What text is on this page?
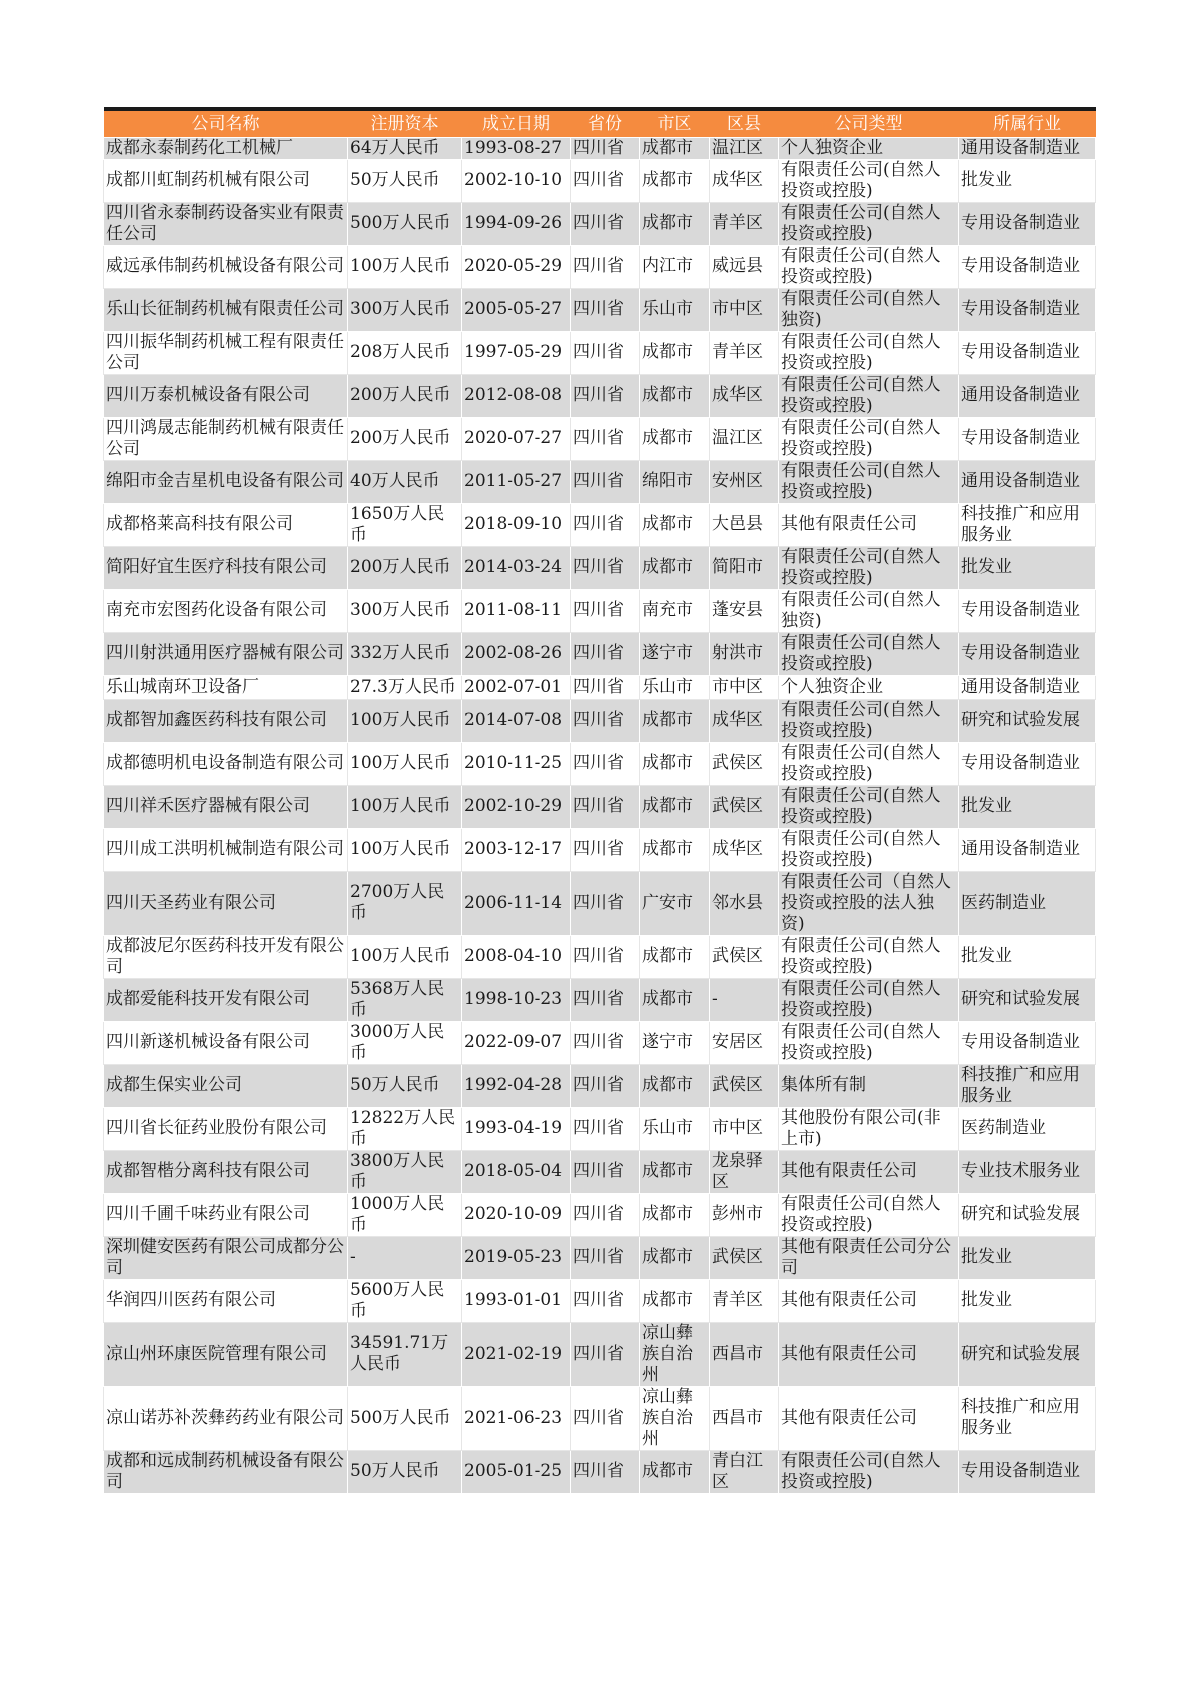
公司名称	注册资本	成立日期	省份	市区	区县	公司类型	所属行业
成都永泰制药化工机械厂	64万人民币	1993-08-27	四川省	成都市	温江区	个人独资企业	通用设备制造业
成都川虹制药机械有限公司	50万人民币	2002-10-10	四川省	成都市	成华区	有限责任公司(自然人投资或控股)	批发业
四川省永泰制药设备实业有限责任公司	500万人民币	1994-09-26	四川省	成都市	青羊区	有限责任公司(自然人投资或控股)	专用设备制造业
威远承伟制药机械设备有限公司	100万人民币	2020-05-29	四川省	内江市	威远县	有限责任公司(自然人投资或控股)	专用设备制造业
乐山长征制药机械有限责任公司	300万人民币	2005-05-27	四川省	乐山市	市中区	有限责任公司(自然人独资)	专用设备制造业
四川振华制药机械工程有限责任公司	208万人民币	1997-05-29	四川省	成都市	青羊区	有限责任公司(自然人投资或控股)	专用设备制造业
四川万泰机械设备有限公司	200万人民币	2012-08-08	四川省	成都市	成华区	有限责任公司(自然人投资或控股)	通用设备制造业
四川鸿晟志能制药机械有限责任公司	200万人民币	2020-07-27	四川省	成都市	温江区	有限责任公司(自然人投资或控股)	专用设备制造业
绵阳市金吉星机电设备有限公司	40万人民币	2011-05-27	四川省	绵阳市	安州区	有限责任公司(自然人投资或控股)	通用设备制造业
成都格莱高科技有限公司	1650万人民币	2018-09-10	四川省	成都市	大邑县	其他有限责任公司	科技推广和应用服务业
简阳好宜生医疗科技有限公司	200万人民币	2014-03-24	四川省	成都市	简阳市	有限责任公司(自然人投资或控股)	批发业
南充市宏图药化设备有限公司	300万人民币	2011-08-11	四川省	南充市	蓬安县	有限责任公司(自然人独资)	专用设备制造业
四川射洪通用医疗器械有限公司	332万人民币	2002-08-26	四川省	遂宁市	射洪市	有限责任公司(自然人投资或控股)	专用设备制造业
乐山城南环卫设备厂	27.3万人民币	2002-07-01	四川省	乐山市	市中区	个人独资企业	通用设备制造业
成都智加鑫医药科技有限公司	100万人民币	2014-07-08	四川省	成都市	成华区	有限责任公司(自然人投资或控股)	研究和试验发展
成都德明机电设备制造有限公司	100万人民币	2010-11-25	四川省	成都市	武侯区	有限责任公司(自然人投资或控股)	专用设备制造业
四川祥禾医疗器械有限公司	100万人民币	2002-10-29	四川省	成都市	武侯区	有限责任公司(自然人投资或控股)	批发业
四川成工洪明机械制造有限公司	100万人民币	2003-12-17	四川省	成都市	成华区	有限责任公司(自然人投资或控股)	通用设备制造业
四川天圣药业有限公司	2700万人民币	2006-11-14	四川省	广安市	邻水县	有限责任公司（自然人投资或控股的法人独资)	医药制造业
成都波尼尔医药科技开发有限公司	100万人民币	2008-04-10	四川省	成都市	武侯区	有限责任公司(自然人投资或控股)	批发业
成都爱能科技开发有限公司	5368万人民币	1998-10-23	四川省	成都市	-	有限责任公司(自然人投资或控股)	研究和试验发展
四川新遂机械设备有限公司	3000万人民币	2022-09-07	四川省	遂宁市	安居区	有限责任公司(自然人投资或控股)	专用设备制造业
成都生保实业公司	50万人民币	1992-04-28	四川省	成都市	武侯区	集体所有制	科技推广和应用服务业
四川省长征药业股份有限公司	12822万人民币	1993-04-19	四川省	乐山市	市中区	其他股份有限公司(非上市)	医药制造业
成都智楷分离科技有限公司	3800万人民币	2018-05-04	四川省	成都市	龙泉驿区	其他有限责任公司	专业技术服务业
四川千圃千味药业有限公司	1000万人民币	2020-10-09	四川省	成都市	彭州市	有限责任公司(自然人投资或控股)	研究和试验发展
深圳健安医药有限公司成都分公司	-	2019-05-23	四川省	成都市	武侯区	其他有限责任公司分公司	批发业
华润四川医药有限公司	5600万人民币	1993-01-01	四川省	成都市	青羊区	其他有限责任公司	批发业
凉山州环康医院管理有限公司	34591.71万人民币	2021-02-19	四川省	凉山彝族自治州	西昌市	其他有限责任公司	研究和试验发展
凉山诺苏补茨彝药药业有限公司	500万人民币	2021-06-23	四川省	凉山彝族自治州	西昌市	其他有限责任公司	科技推广和应用服务业
成都和远成制药机械设备有限公司	50万人民币	2005-01-25	四川省	成都市	青白江区	有限责任公司(自然人投资或控股)	专用设备制造业
